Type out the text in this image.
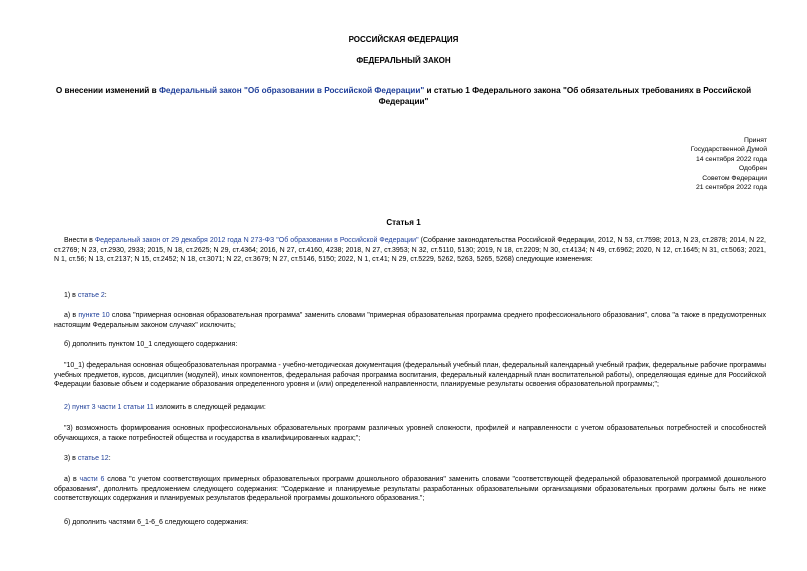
РОССИЙСКАЯ ФЕДЕРАЦИЯ
ФЕДЕРАЛЬНЫЙ ЗАКОН
О внесении изменений в Федеральный закон "Об образовании в Российской Федерации" и статью 1 Федерального закона "Об обязательных требованиях в Российской Федерации"
Принят
Государственной Думой
14 сентября 2022 года
Одобрен
Советом Федерации
21 сентября 2022 года
Статья 1
Внести в Федеральный закон от 29 декабря 2012 года N 273-ФЗ "Об образовании в Российской Федерации" (Собрание законодательства Российской Федерации, 2012, N 53, ст.7598; 2013, N 23, ст.2878; 2014, N 22, ст.2769; N 23, ст.2930, 2933; 2015, N 18, ст.2625; N 29, ст.4364; 2016, N 27, ст.4160, 4238; 2018, N 27, ст.3953; N 32, ст.5110, 5130; 2019, N 18, ст.2209; N 30, ст.4134; N 49, ст.6962; 2020, N 12, ст.1645; N 31, ст.5063; 2021, N 1, ст.56; N 13, ст.2137; N 15, ст.2452; N 18, ст.3071; N 22, ст.3679; N 27, ст.5146, 5150; 2022, N 1, ст.41; N 29, ст.5229, 5262, 5263, 5265, 5268) следующие изменения:
1) в статье 2:
а) в пункте 10 слова "примерная основная образовательная программа" заменить словами "примерная образовательная программа среднего профессионального образования", слова "а также в предусмотренных настоящим Федеральным законом случаях" исключить;
б) дополнить пунктом 10_1 следующего содержания:
"10_1) федеральная основная общеобразовательная программа - учебно-методическая документация (федеральный учебный план, федеральный календарный учебный график, федеральные рабочие программы учебных предметов, курсов, дисциплин (модулей), иных компонентов, федеральная рабочая программа воспитания, федеральный календарный план воспитательной работы), определяющая единые для Российской Федерации базовые объем и содержание образования определенного уровня и (или) определенной направленности, планируемые результаты освоения образовательной программы;";
2) пункт 3 части 1 статьи 11 изложить в следующей редакции:
"3) возможность формирования основных профессиональных образовательных программ различных уровней сложности, профилей и направленности с учетом образовательных потребностей и способностей обучающихся, а также потребностей общества и государства в квалифицированных кадрах;";
3) в статье 12:
а) в части 6 слова "с учетом соответствующих примерных образовательных программ дошкольного образования" заменить словами "соответствующей федеральной образовательной программой дошкольного образования", дополнить предложением следующего содержания: "Содержание и планируемые результаты разработанных образовательными организациями образовательных программ должны быть не ниже соответствующих содержания и планируемых результатов федеральной программы дошкольного образования.";
б) дополнить частями 6_1-6_6 следующего содержания:
